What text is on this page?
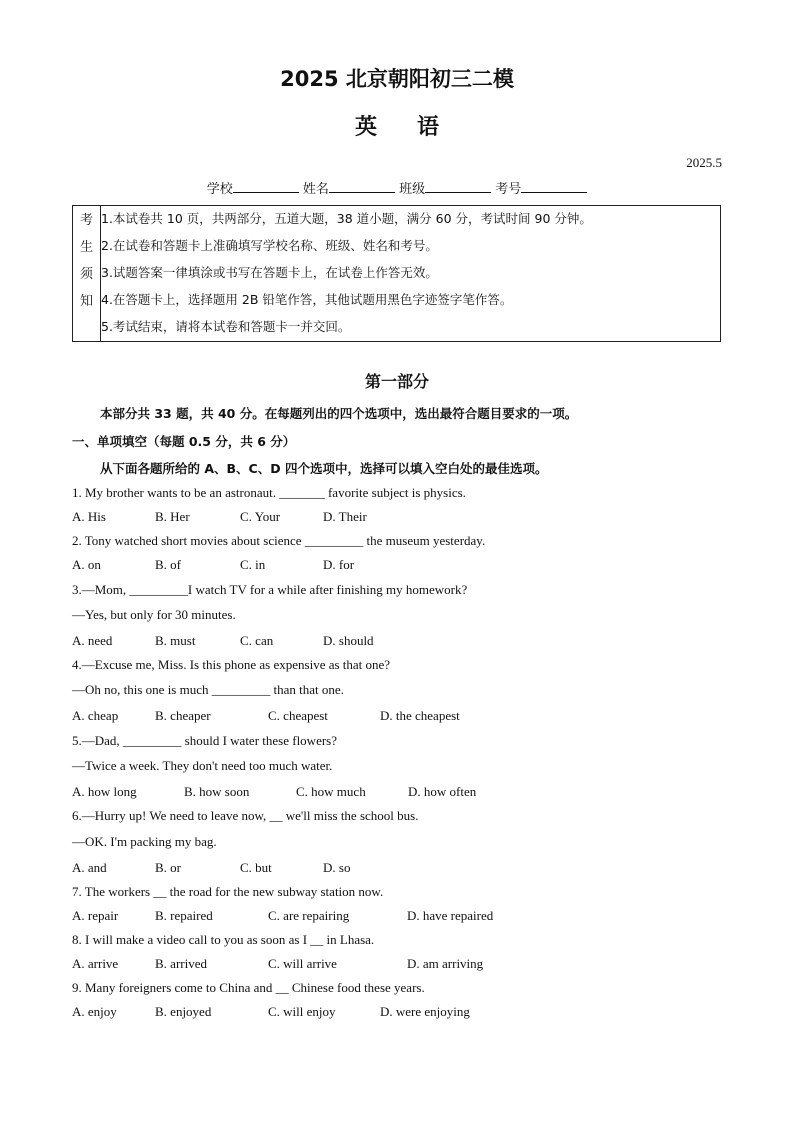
2025 北京朝阳初三二模
英语
2025.5
学校	姓名	班级	考号
考
生
须
知
1.本试卷共 10 页，共两部分，五道大题，38 道小题，满分 60 分，考试时间 90 分钟。
2.在试卷和答题卡上准确填写学校名称、班级、姓名和考号。
3.试题答案一律填涂或书写在答题卡上，在试卷上作答无效。
4.在答题卡上，选择题用 2B 铅笔作答，其他试题用黑色字迹签字笔作答。
5.考试结束，请将本试卷和答题卡一并交回。
第一部分
本部分共 33 题，共 40 分。在每题列出的四个选项中，选出最符合题目要求的一项。
一、单项填空（每题 0.5 分，共 6 分）
从下面各题所给的 A、B、C、D 四个选项中，选择可以填入空白处的最佳选项。
1. My brother wants to be an astronaut. _______ favorite subject is physics.
A. His	B. Her	C. Your	D. Their
2. Tony watched short movies about science _________ the museum yesterday.
A. on	B. of	C. in	D. for
3.—Mom, _________I watch TV for a while after finishing my homework?
—Yes, but only for 30 minutes.
A. need	B. must	C. can	D. should
4.—Excuse me, Miss. Is this phone as expensive as that one?
—Oh no, this one is much _________ than that one.
A. cheap	B. cheaper	C. cheapest	D. the cheapest
5.—Dad, _________ should I water these flowers?
—Twice a week. They don't need too much water.
A. how long	B. how soon	C. how much	D. how often
6.—Hurry up! We need to leave now, __ we'll miss the school bus.
—OK. I'm packing my bag.
A. and	B. or	C. but	D. so
7. The workers __ the road for the new subway station now.
A. repair	B. repaired	C. are repairing	D. have repaired
8. I will make a video call to you as soon as I __ in Lhasa.
A. arrive	B. arrived	C. will arrive	D. am arriving
9. Many foreigners come to China and __ Chinese food these years.
A. enjoy	B. enjoyed	C. will enjoy	D. were enjoying
